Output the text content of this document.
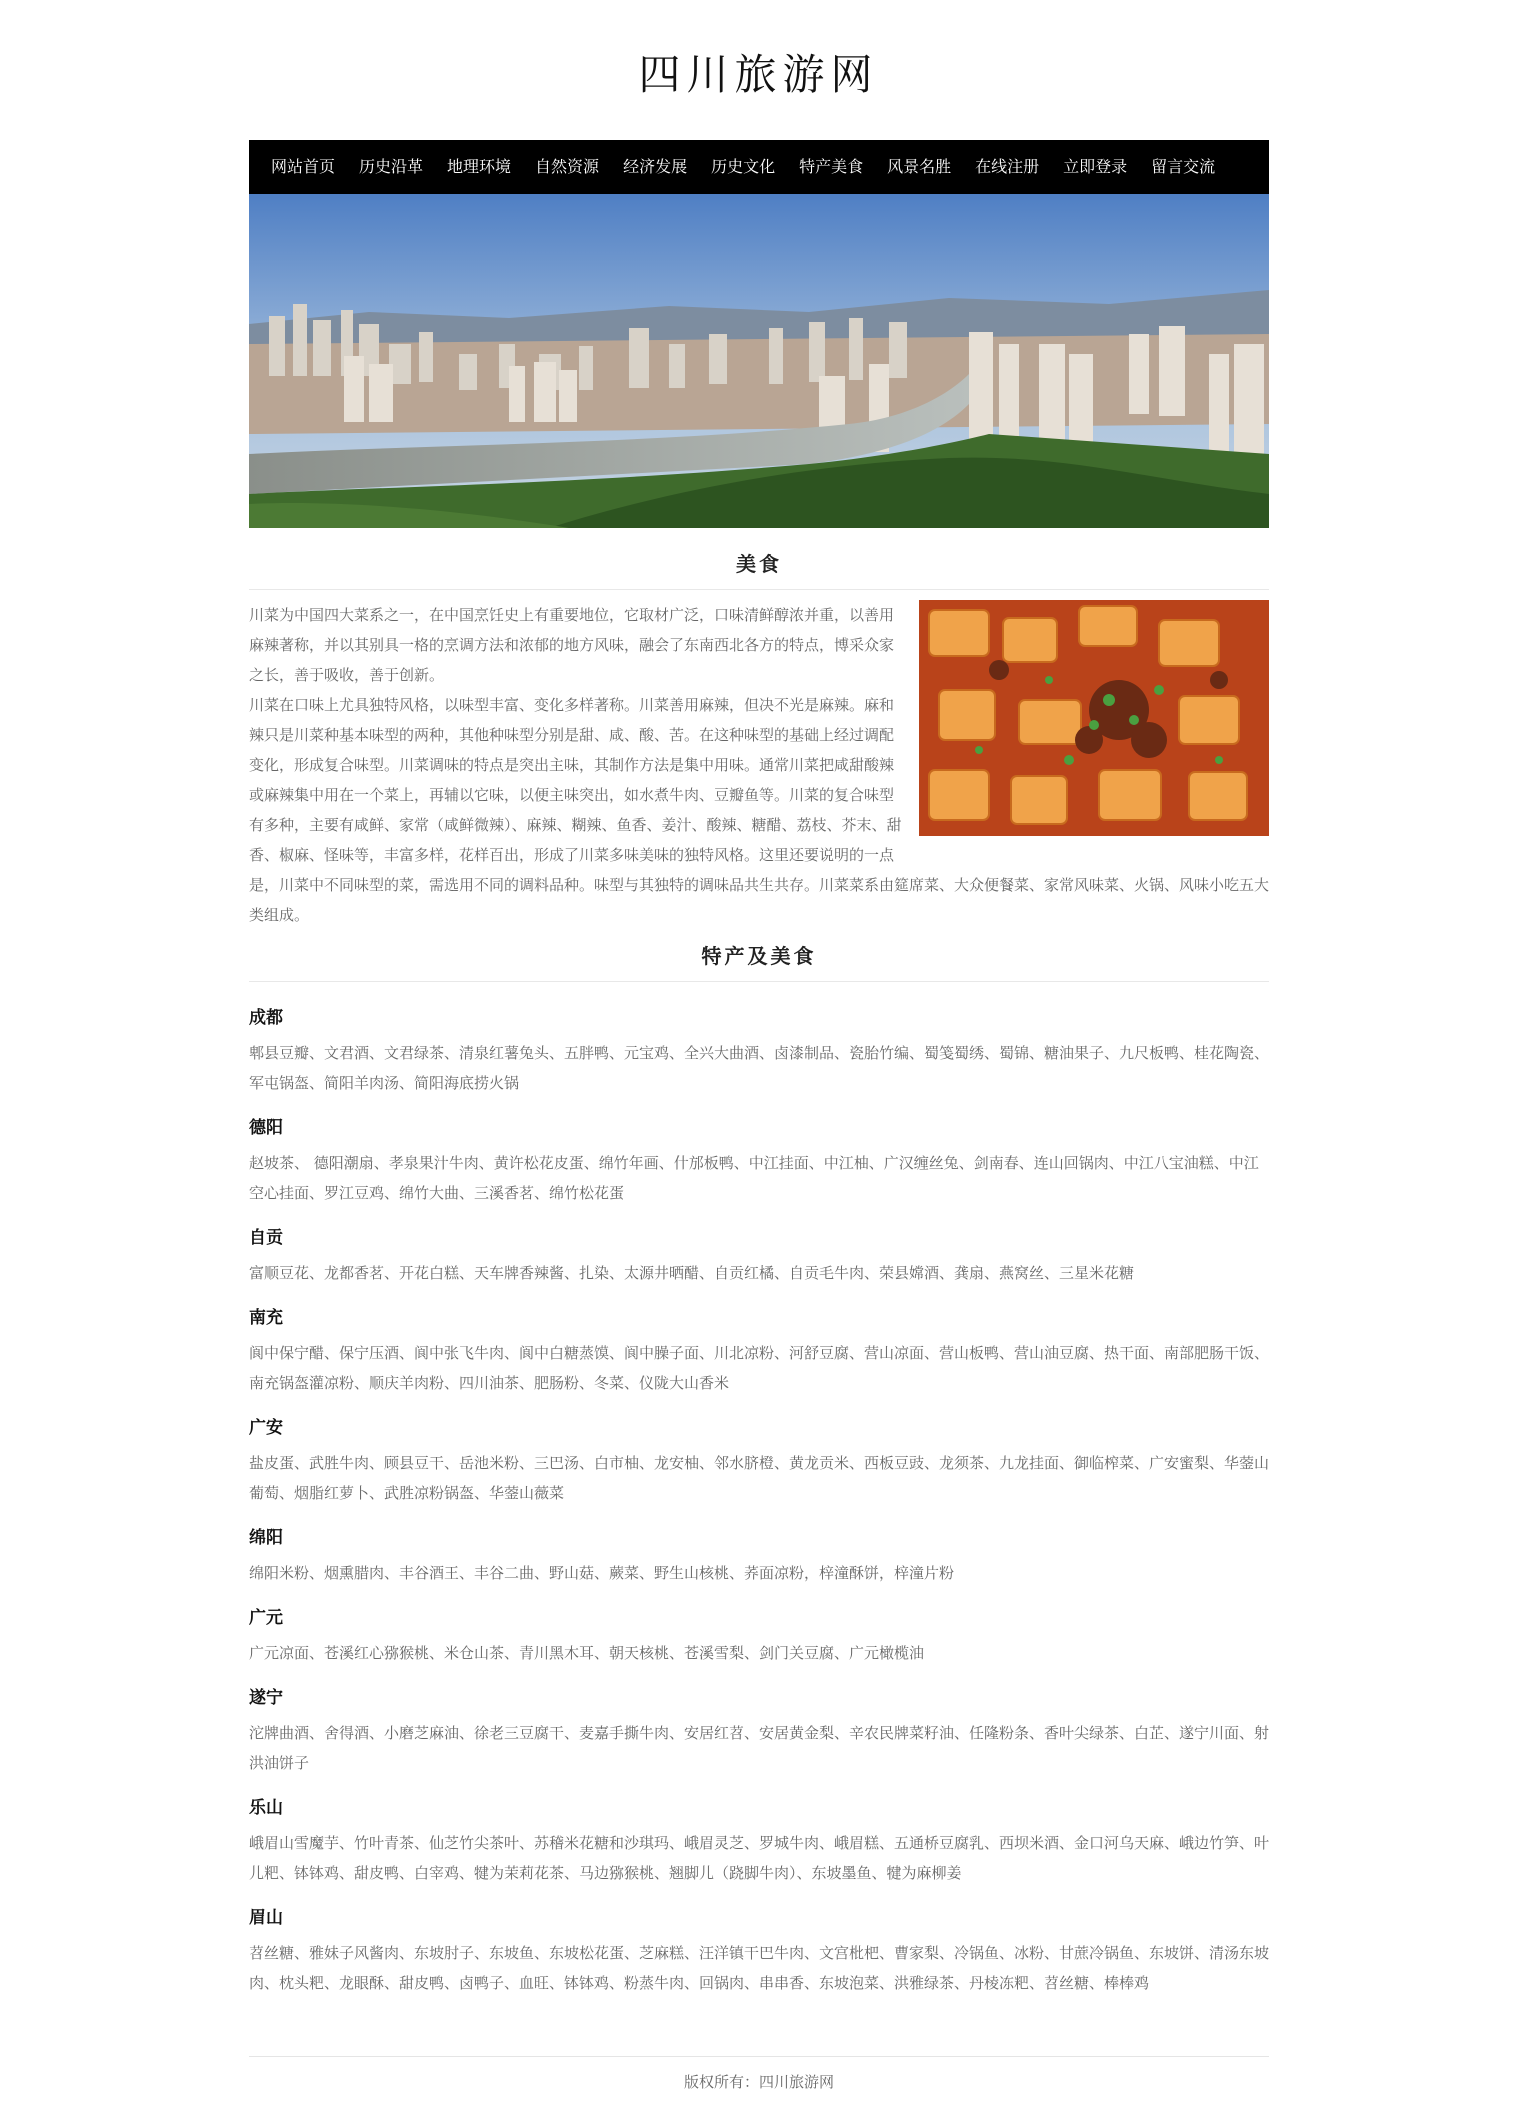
四川旅游网
网站首页 历史沿革 地理环境 自然资源 经济发展 历史文化 特产美食 风景名胜 在线注册 立即登录 留言交流
美食

川菜为中国四大菜系之一，在中国烹饪史上有重要地位，它取材广泛，口味清鲜醇浓并重，以善用麻辣著称，并以其别具一格的烹调方法和浓郁的地方风味，融会了东南西北各方的特点，博采众家之长，善于吸收，善于创新。

川菜在口味上尤具独特风格，以味型丰富、变化多样著称。川菜善用麻辣，但决不光是麻辣。麻和辣只是川菜种基本味型的两种，其他种味型分别是甜、咸、酸、苦。在这种味型的基础上经过调配变化，形成复合味型。川菜调味的特点是突出主味，其制作方法是集中用味。通常川菜把咸甜酸辣或麻辣集中用在一个菜上，再辅以它味，以便主味突出，如水煮牛肉、豆瓣鱼等。川菜的复合味型有多种，主要有咸鲜、家常（咸鲜微辣）、麻辣、糊辣、鱼香、姜汁、酸辣、糖醋、荔枝、芥末、甜香、椒麻、怪味等，丰富多样，花样百出，形成了川菜多味美味的独特风格。这里还要说明的一点是，川菜中不同味型的菜，需选用不同的调料品种。味型与其独特的调味品共生共存。川菜菜系由筵席菜、大众便餐菜、家常风味菜、火锅、风味小吃五大类组成。

特产及美食
成都

郫县豆瓣、文君酒、文君绿茶、清泉红薯兔头、五胖鸭、元宝鸡、全兴大曲酒、卤漆制品、瓷胎竹编、蜀笺蜀绣、蜀锦、糖油果子、九尺板鸭、桂花陶瓷、军屯锅盔、简阳羊肉汤、简阳海底捞火锅

德阳

赵坡茶、 德阳潮扇、孝泉果汁牛肉、黄许松花皮蛋、绵竹年画、什邡板鸭、中江挂面、中江柚、广汉缠丝兔、剑南春、连山回锅肉、中江八宝油糕、中江空心挂面、罗江豆鸡、绵竹大曲、三溪香茗、绵竹松花蛋

自贡

富顺豆花、龙都香茗、开花白糕、天车牌香辣酱、扎染、太源井晒醋、自贡红橘、自贡毛牛肉、荣县嫦酒、龚扇、燕窝丝、三星米花糖

南充

阆中保宁醋、保宁压酒、阆中张飞牛肉、阆中白糖蒸馍、阆中臊子面、川北凉粉、河舒豆腐、营山凉面、营山板鸭、营山油豆腐、热干面、南部肥肠干饭、南充锅盔灌凉粉、顺庆羊肉粉、四川油茶、肥肠粉、冬菜、仪陇大山香米

广安

盐皮蛋、武胜牛肉、顾县豆干、岳池米粉、三巴汤、白市柚、龙安柚、邻水脐橙、黄龙贡米、西板豆豉、龙须茶、九龙挂面、御临榨菜、广安蜜梨、华蓥山葡萄、烟脂红萝卜、武胜凉粉锅盔、华蓥山薇菜

绵阳

绵阳米粉、烟熏腊肉、丰谷酒王、丰谷二曲、野山菇、蕨菜、野生山核桃、荞面凉粉，梓潼酥饼，梓潼片粉

广元

广元凉面、苍溪红心猕猴桃、米仓山茶、青川黑木耳、朝天核桃、苍溪雪梨、剑门关豆腐、广元橄榄油

遂宁

沱牌曲酒、舍得酒、小磨芝麻油、徐老三豆腐干、麦嘉手撕牛肉、安居红苕、安居黄金梨、辛农民牌菜籽油、任隆粉条、香叶尖绿茶、白芷、遂宁川面、射洪油饼子

乐山

峨眉山雪魔芋、竹叶青茶、仙芝竹尖茶叶、苏稽米花糖和沙琪玛、峨眉灵芝、罗城牛肉、峨眉糕、五通桥豆腐乳、西坝米酒、金口河乌天麻、峨边竹笋、叶儿粑、钵钵鸡、甜皮鸭、白宰鸡、犍为茉莉花茶、马边猕猴桃、翘脚儿（跷脚牛肉）、东坡墨鱼、犍为麻柳姜

眉山

苕丝糖、雅妹子风酱肉、东坡肘子、东坡鱼、东坡松花蛋、芝麻糕、汪洋镇干巴牛肉、文宫枇杷、曹家梨、冷锅鱼、冰粉、甘蔗冷锅鱼、东坡饼、清汤东坡肉、枕头粑、龙眼酥、甜皮鸭、卤鸭子、血旺、钵钵鸡、粉蒸牛肉、回锅肉、串串香、东坡泡菜、洪雅绿茶、丹棱冻粑、苕丝糖、棒棒鸡

版权所有：四川旅游网
